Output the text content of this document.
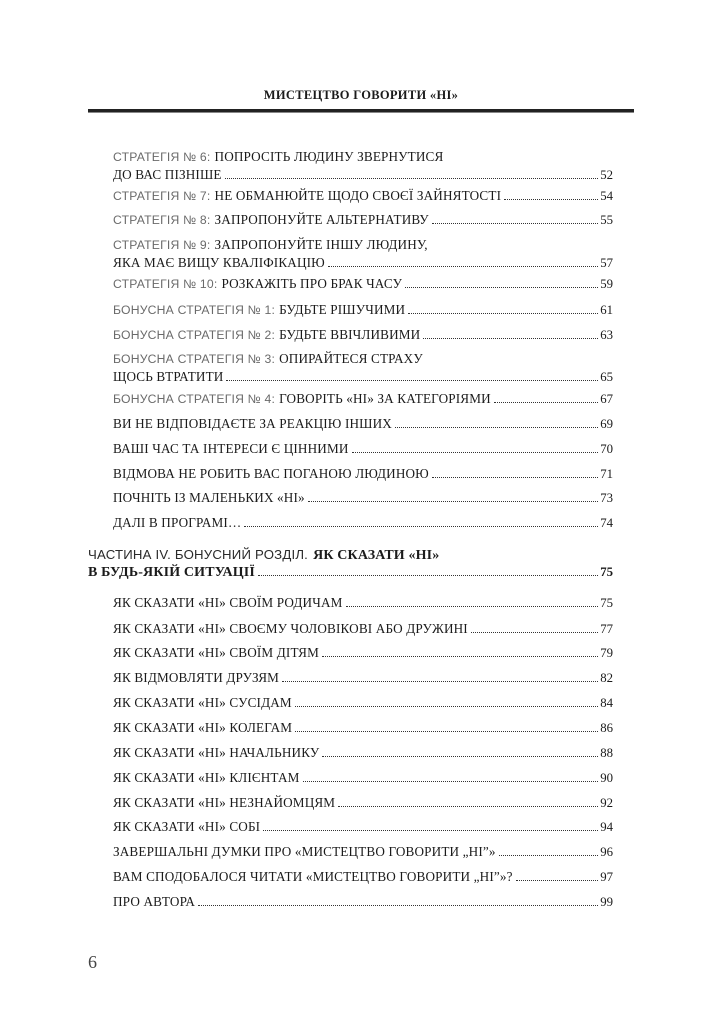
МИСТЕЦТВО ГОВОРИТИ «НІ»
СТРАТЕГІЯ № 6: ПОПРОСІТЬ ЛЮДИНУ ЗВЕРНУТИСЯ
ДО ВАС ПІЗНІШЕ	52
СТРАТЕГІЯ № 7: НЕ ОБМАНЮЙТЕ ЩОДО СВОЄЇ ЗАЙНЯТОСТІ	54
СТРАТЕГІЯ № 8: ЗАПРОПОНУЙТЕ АЛЬТЕРНАТИВУ	55
СТРАТЕГІЯ № 9: ЗАПРОПОНУЙТЕ ІНШУ ЛЮДИНУ,
ЯКА МАЄ ВИЩУ КВАЛІФІКАЦІЮ	57
СТРАТЕГІЯ № 10: РОЗКАЖІТЬ ПРО БРАК ЧАСУ	59
БОНУСНА СТРАТЕГІЯ № 1: БУДЬТЕ РІШУЧИМИ	61
БОНУСНА СТРАТЕГІЯ № 2: БУДЬТЕ ВВІЧЛИВИМИ	63
БОНУСНА СТРАТЕГІЯ № 3: ОПИРАЙТЕСЯ СТРАХУ
ЩОСЬ ВТРАТИТИ	65
БОНУСНА СТРАТЕГІЯ № 4: ГОВОРІТЬ «НІ» ЗА КАТЕГОРІЯМИ	67
ВИ НЕ ВІДПОВІДАЄТЕ ЗА РЕАКЦІЮ ІНШИХ	69
ВАШІ ЧАС ТА ІНТЕРЕСИ Є ЦІННИМИ	70
ВІДМОВА НЕ РОБИТЬ ВАС ПОГАНОЮ ЛЮДИНОЮ	71
ПОЧНІТЬ ІЗ МАЛЕНЬКИХ «НІ»	73
ДАЛІ В ПРОГРАМІ…	74
ЧАСТИНА IV. БОНУСНИЙ РОЗДІЛ. ЯК СКАЗАТИ «НІ»
В БУДЬ-ЯКІЙ СИТУАЦІЇ	75
ЯК СКАЗАТИ «НІ» СВОЇМ РОДИЧАМ	75
ЯК СКАЗАТИ «НІ» СВОЄМУ ЧОЛОВІКОВІ АБО ДРУЖИНІ	77
ЯК СКАЗАТИ «НІ» СВОЇМ ДІТЯМ	79
ЯК ВІДМОВЛЯТИ ДРУЗЯМ	82
ЯК СКАЗАТИ «НІ» СУСІДАМ	84
ЯК СКАЗАТИ «НІ» КОЛЕГАМ	86
ЯК СКАЗАТИ «НІ» НАЧАЛЬНИКУ	88
ЯК СКАЗАТИ «НІ» КЛІЄНТАМ	90
ЯК СКАЗАТИ «НІ» НЕЗНАЙОМЦЯМ	92
ЯК СКАЗАТИ «НІ» СОБІ	94
ЗАВЕРШАЛЬНІ ДУМКИ ПРО «МИСТЕЦТВО ГОВОРИТИ „НІ”»	96
ВАМ СПОДОБАЛОСЯ ЧИТАТИ «МИСТЕЦТВО ГОВОРИТИ „НІ”»?	97
ПРО АВТОРА	99
6
